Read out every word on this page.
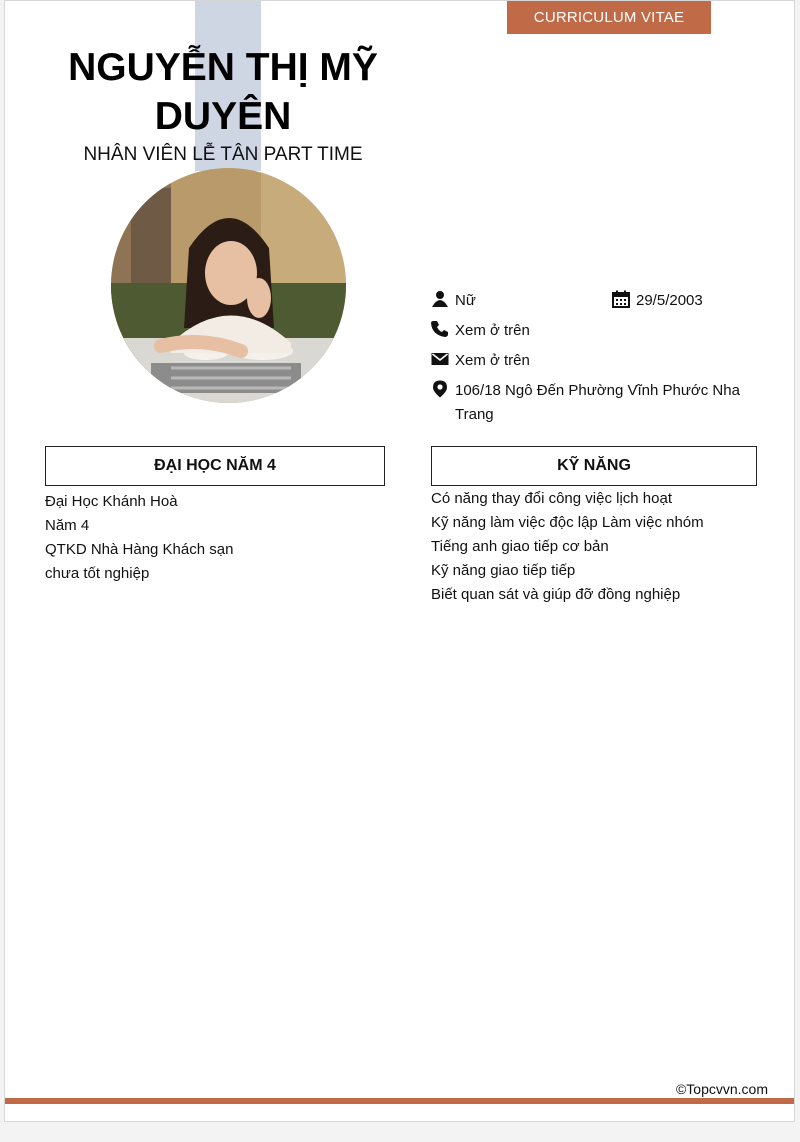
CURRICULUM VITAE
NGUYỄN THỊ MỸ DUYÊN
NHÂN VIÊN LỄ TÂN PART TIME
Nữ	29/5/2003
Xem ở trên
Xem ở trên
106/18 Ngô Đến Phường Vĩnh Phước Nha Trang
ĐẠI HỌC NĂM 4
Đại Học Khánh Hoà
Năm 4
QTKD Nhà Hàng Khách sạn
chưa tốt nghiệp
KỸ NĂNG
Có năng thay đổi công việc lịch hoạt
Kỹ năng làm việc độc lập Làm việc nhóm
Tiếng anh giao tiếp cơ bản
Kỹ năng giao tiếp tiếp
Biết quan sát và giúp đỡ đồng nghiệp
©Topcvvn.com
